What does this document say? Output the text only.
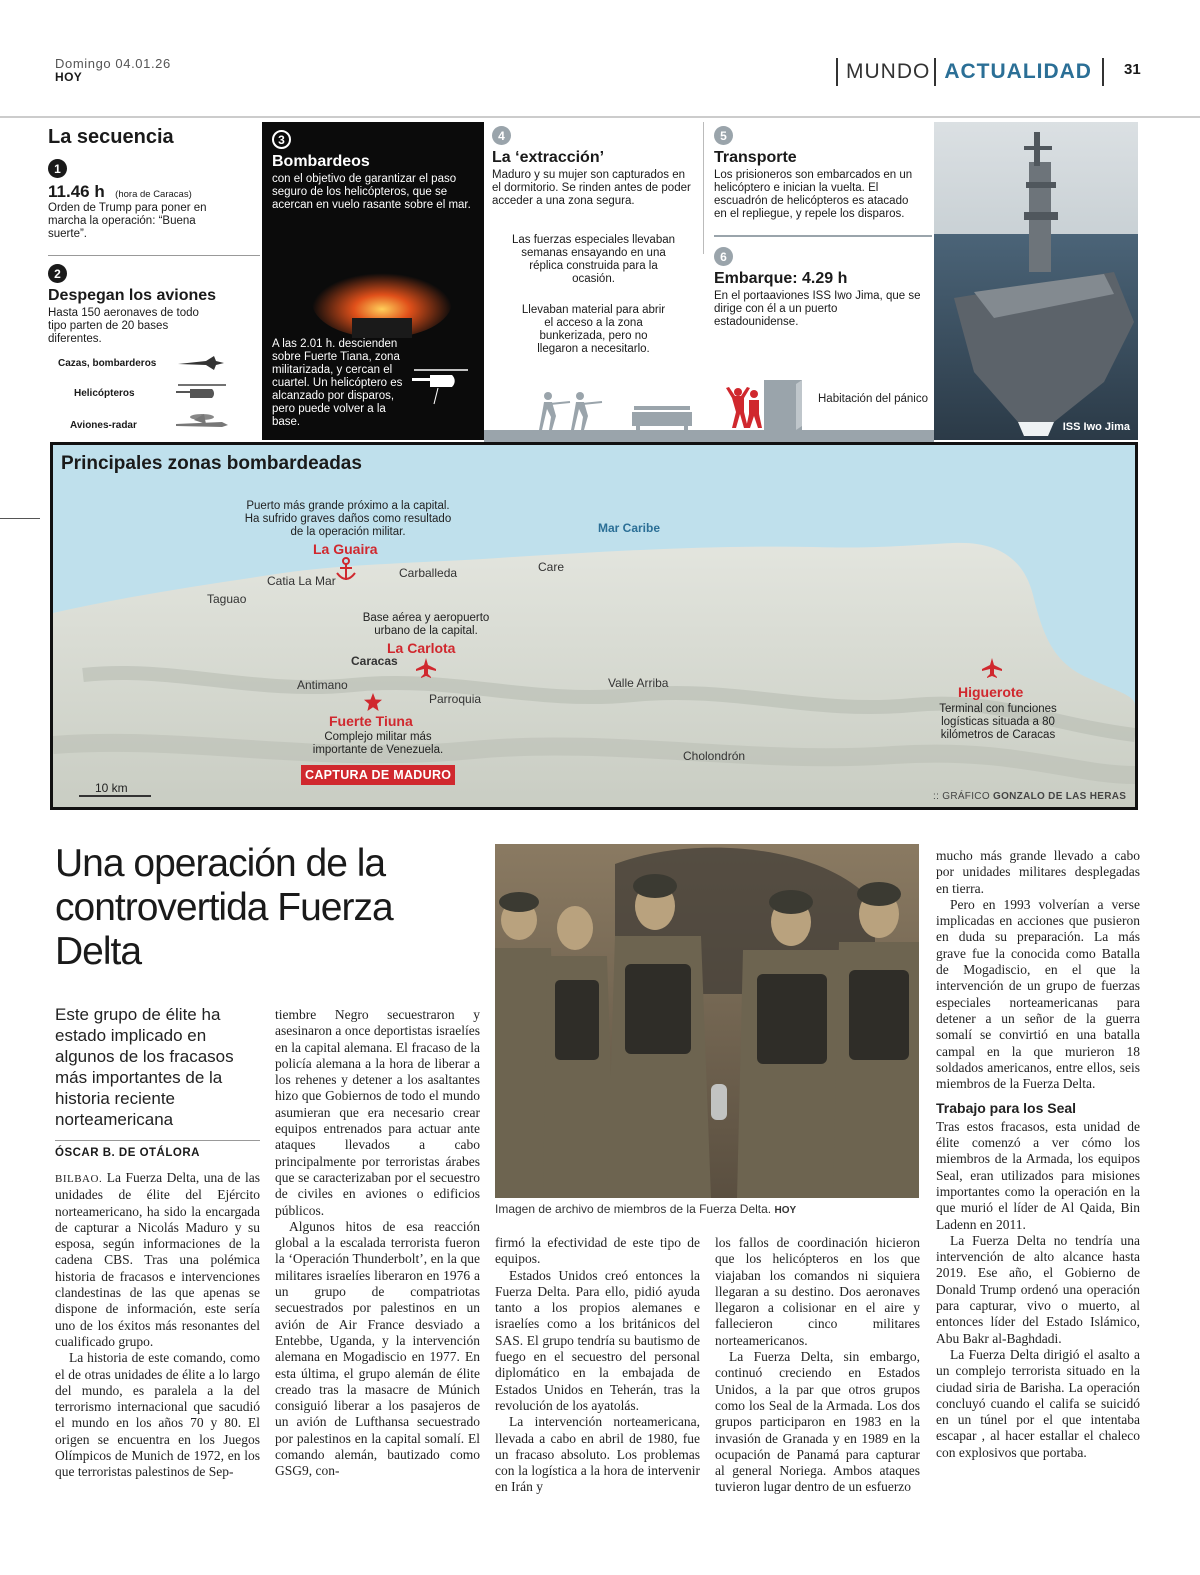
Domingo 04.01.26
HOY	MUNDO ACTUALIDAD	31
La secuencia
1
11.46 h (hora de Caracas)
Orden de Trump para poner en marcha la operación: “Buena suerte”.
2
Despegan los aviones
Hasta 150 aeronaves de todo tipo parten de 20 bases diferentes.
Cazas, bombarderos
Helicópteros
Aviones-radar
3
Bombardeos
con el objetivo de garantizar el paso seguro de los helicópteros, que se acercan en vuelo rasante sobre el mar.
A las 2.01 h. descienden sobre Fuerte Tiana, zona militarizada, y cercan el cuartel. Un helicóptero es alcanzado por disparos, pero puede volver a la base.
4
La ‘extracción’
Maduro y su mujer son capturados en el dormitorio. Se rinden antes de poder acceder a una zona segura.
Las fuerzas especiales llevaban semanas ensayando en una réplica construida para la ocasión.
Llevaban material para abrir el acceso a la zona bunkerizada, pero no llegaron a necesitarlo.
5
Transporte
Los prisioneros son embarcados en un helicóptero e inician la vuelta. El escuadrón de helicópteros es atacado en el repliegue, y repele los disparos.
6
Embarque: 4.29 h
En el portaaviones ISS Iwo Jima, que se dirige con él a un puerto estadounidense.
Habitación del pánico
ISS Iwo Jima
Principales zonas bombardeadas
Mar Caribe
Taguao
Catia La Mar
Carballeda	Care
Caracas
Antimano
Parroquia
Valle Arriba
Cholondrón
Puerto más grande próximo a la capital. Ha sufrido graves daños como resultado de la operación militar.
La Guaira
Base aérea y aeropuerto urbano de la capital.
La Carlota
Fuerte Tiuna
Complejo militar más importante de Venezuela.
CAPTURA DE MADURO
Higuerote
Terminal con funciones logísticas situada a 80 kilómetros de Caracas
10 km
:: GRÁFICO GONZALO DE LAS HERAS
Una operación de la controvertida Fuerza Delta
Este grupo de élite ha estado implicado en algunos de los fracasos más importantes de la historia reciente norteamericana
ÓSCAR B. DE OTÁLORA

BILBAO. La Fuerza Delta, una de las unidades de élite del Ejército norteamericano, ha sido la encargada de capturar a Nicolás Maduro y su esposa, según informaciones de la cadena CBS. Tras una polémica historia de fracasos e intervenciones clandestinas de las que apenas se dispone de información, este sería uno de los éxitos más resonantes del cualificado grupo.

La historia de este comando, como el de otras unidades de élite a lo largo del mundo, es paralela a la del terrorismo internacional que sacudió el mundo en los años 70 y 80. El origen se encuentra en los Juegos Olímpicos de Munich de 1972, en los que terroristas palestinos de Sep-

tiembre Negro secuestraron y asesinaron a once deportistas israelíes en la capital alemana. El fracaso de la policía alemana a la hora de liberar a los rehenes y detener a los asaltantes hizo que Gobiernos de todo el mundo asumieran que era necesario crear equipos entrenados para actuar ante ataques llevados a cabo principalmente por terroristas árabes que se caracterizaban por el secuestro de civiles en aviones o edificios públicos.

Algunos hitos de esa reacción global a la escalada terrorista fueron la ‘Operación Thunderbolt’, en la que militares israelíes liberaron en 1976 a un grupo de compatriotas secuestrados por palestinos en un avión de Air France desviado a Entebbe, Uganda, y la intervención alemana en Mogadiscio en 1977. En esta última, el grupo alemán de élite creado tras la masacre de Múnich consiguió liberar a los pasajeros de un avión de Lufthansa secuestrado por palestinos en la capital somalí. El comando alemán, bautizado como GSG9, con-

Imagen de archivo de miembros de la Fuerza Delta. HOY

firmó la efectividad de este tipo de equipos.

Estados Unidos creó entonces la Fuerza Delta. Para ello, pidió ayuda tanto a los propios alemanes e israelíes como a los británicos del SAS. El grupo tendría su bautismo de fuego en el secuestro del personal diplomático en la embajada de Estados Unidos en Teherán, tras la revolución de los ayatolás.

La intervención norteamericana, llevada a cabo en abril de 1980, fue un fracaso absoluto. Los problemas con la logística a la hora de intervenir en Irán y

los fallos de coordinación hicieron que los helicópteros en los que viajaban los comandos ni siquiera llegaran a su destino. Dos aeronaves llegaron a colisionar en el aire y fallecieron cinco militares norteamericanos.

La Fuerza Delta, sin embargo, continuó creciendo en Estados Unidos, a la par que otros grupos como los Seal de la Armada. Los dos grupos participaron en 1983 en la invasión de Granada y en 1989 en la ocupación de Panamá para capturar al general Noriega. Ambos ataques tuvieron lugar dentro de un esfuerzo

mucho más grande llevado a cabo por unidades militares desplegadas en tierra.

Pero en 1993 volverían a verse implicadas en acciones que pusieron en duda su preparación. La más grave fue la conocida como Batalla de Mogadiscio, en el que la intervención de un grupo de fuerzas especiales norteamericanas para detener a un señor de la guerra somalí se convirtió en una batalla campal en la que murieron 18 soldados americanos, entre ellos, seis miembros de la Fuerza Delta.

Trabajo para los Seal

Tras estos fracasos, esta unidad de élite comenzó a ver cómo los miembros de la Armada, los equipos Seal, eran utilizados para misiones importantes como la operación en la que murió el líder de Al Qaida, Bin Ladenn en 2011.

La Fuerza Delta no tendría una intervención de alto alcance hasta 2019. Ese año, el Gobierno de Donald Trump ordenó una operación para capturar, vivo o muerto, al entonces líder del Estado Islámico, Abu Bakr al-Baghdadi.

La Fuerza Delta dirigió el asalto a un complejo terrorista situado en la ciudad siria de Barisha. La operación concluyó cuando el califa se suicidó en un túnel por el que intentaba escapar , al hacer estallar el chaleco con explosivos que portaba.
